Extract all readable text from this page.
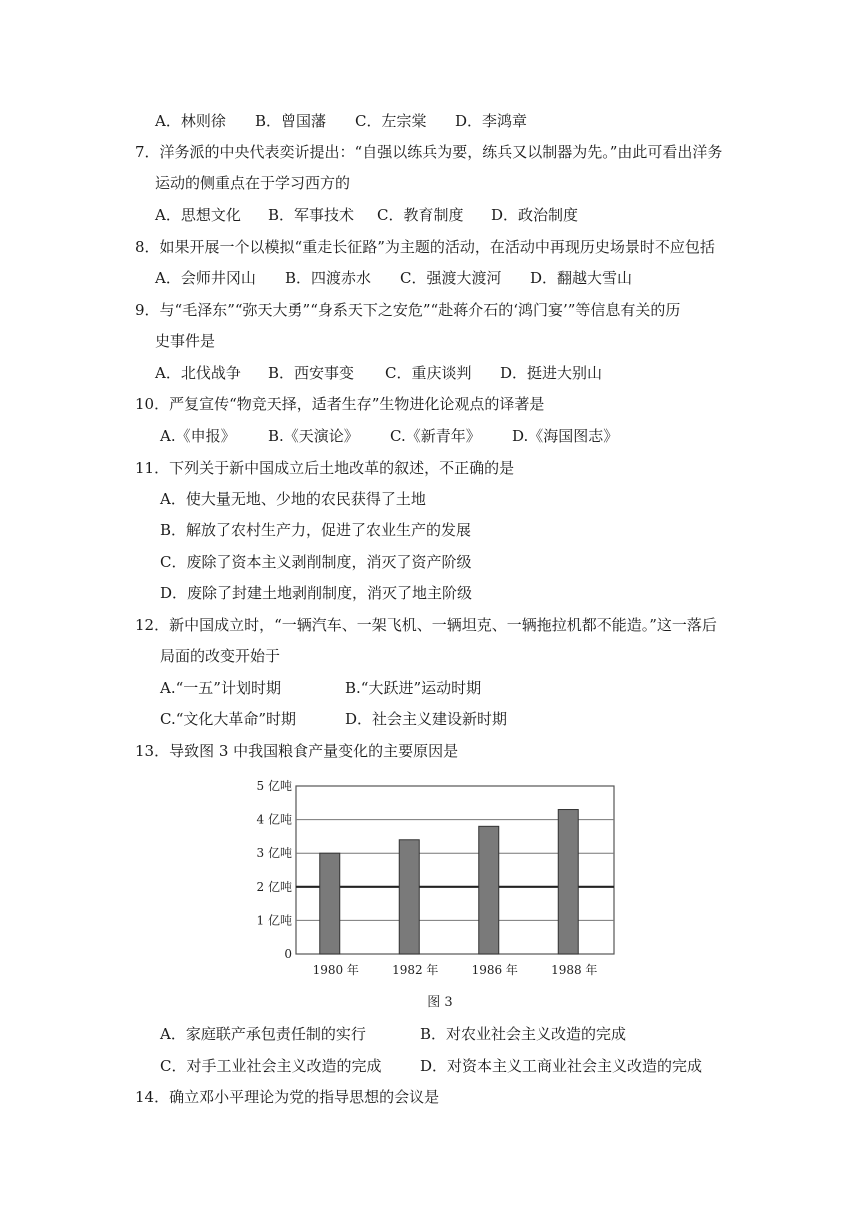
A．林则徐 B．曾国藩 C．左宗棠 D．李鸿章
7．洋务派的中央代表奕䜣提出：“自强以练兵为要，练兵又以制器为先。”由此可看出洋务
运动的侧重点在于学习西方的
A．思想文化 B．军事技术 C．教育制度 D．政治制度
8．如果开展一个以模拟“重走长征路”为主题的活动，在活动中再现历史场景时不应包括
A．会师井冈山 B．四渡赤水 C．强渡大渡河 D．翻越大雪山
9．与“毛泽东”“弥天大勇”“身系天下之安危”“赴蒋介石的‘鸿门宴’”等信息有关的历
史事件是
A．北伐战争 B．西安事变 C．重庆谈判 D．挺进大别山
10．严复宣传“物竞天择，适者生存”生物进化论观点的译著是
A.《申报》 B.《天演论》 C.《新青年》 D.《海国图志》
11．下列关于新中国成立后土地改革的叙述，不正确的是
A．使大量无地、少地的农民获得了土地
B．解放了农村生产力，促进了农业生产的发展
C．废除了资本主义剥削制度，消灭了资产阶级
D．废除了封建土地剥削制度，消灭了地主阶级
12．新中国成立时，“一辆汽车、一架飞机、一辆坦克、一辆拖拉机都不能造。”这一落后
局面的改变开始于
A.“一五”计划时期	B.“大跃进”运动时期
C.“文化大革命”时期	D．社会主义建设新时期
13．导致图 3 中我国粮食产量变化的主要原因是
0
1 亿吨
2 亿吨
3 亿吨
4 亿吨
5 亿吨
1980 年	1982 年	1986 年	1988 年
图 3
A．家庭联产承包责任制的实行	B．对农业社会主义改造的完成
C．对手工业社会主义改造的完成	D．对资本主义工商业社会主义改造的完成
14．确立邓小平理论为党的指导思想的会议是
